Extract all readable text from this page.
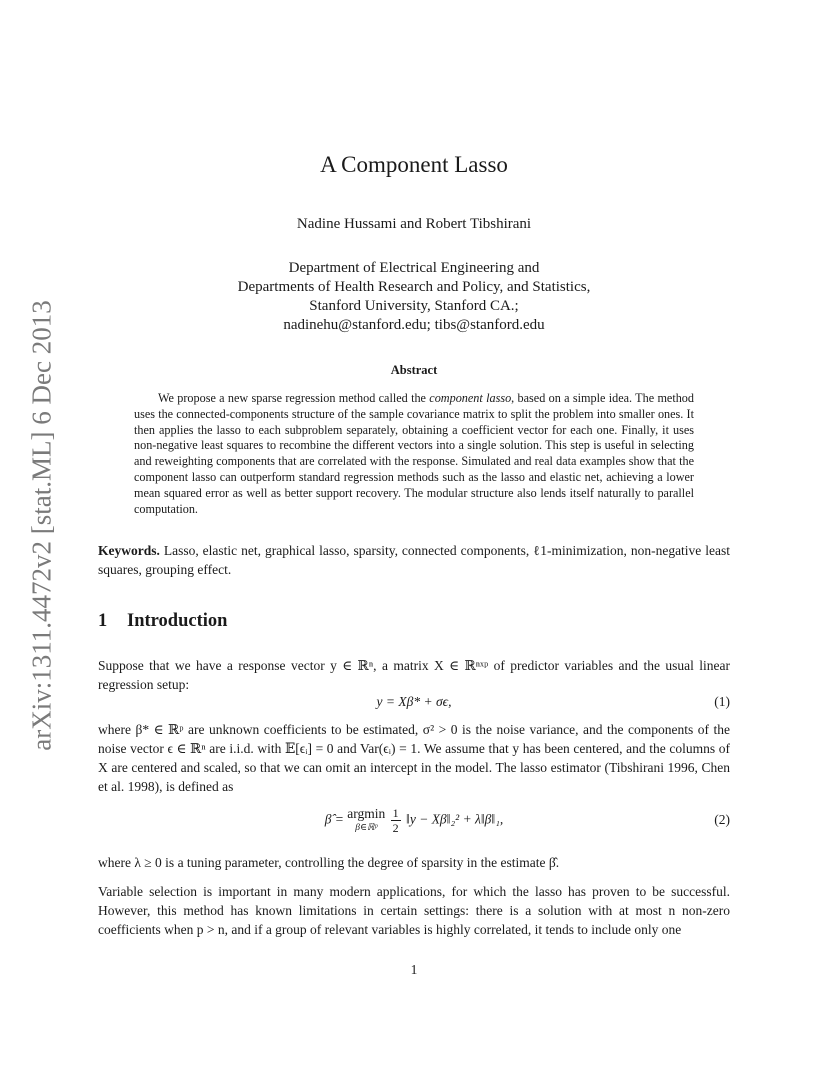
arXiv:1311.4472v2 [stat.ML] 6 Dec 2013
A Component Lasso
Nadine Hussami and Robert Tibshirani
Department of Electrical Engineering and
Departments of Health Research and Policy, and Statistics,
Stanford University, Stanford CA.;
nadinehu@stanford.edu; tibs@stanford.edu
Abstract
We propose a new sparse regression method called the component lasso, based on a simple idea. The method uses the connected-components structure of the sample covariance matrix to split the problem into smaller ones. It then applies the lasso to each subproblem separately, obtaining a coefficient vector for each one. Finally, it uses non-negative least squares to recombine the different vectors into a single solution. This step is useful in selecting and reweighting components that are correlated with the response. Simulated and real data examples show that the component lasso can outperform standard regression methods such as the lasso and elastic net, achieving a lower mean squared error as well as better support recovery. The modular structure also lends itself naturally to parallel computation.
Keywords. Lasso, elastic net, graphical lasso, sparsity, connected components, ℓ1-minimization, non-negative least squares, grouping effect.
1 Introduction
Suppose that we have a response vector y ∈ ℝⁿ, a matrix X ∈ ℝⁿˣᵖ of predictor variables and the usual linear regression setup:
y = Xβ* + σϵ,	(1)
where β* ∈ ℝᵖ are unknown coefficients to be estimated, σ² > 0 is the noise variance, and the components of the noise vector ϵ ∈ ℝⁿ are i.i.d. with 𝔼[ϵᵢ] = 0 and Var(ϵᵢ) = 1. We assume that y has been centered, and the columns of X are centered and scaled, so that we can omit an intercept in the model. The lasso estimator (Tibshirani 1996, Chen et al. 1998), is defined as
β̂ = argmin
β∈ℝᵖ
	$\frac{1}{2}$ ‖y − Xβ‖₂² + λ‖β‖₁,	(2)
where λ ≥ 0 is a tuning parameter, controlling the degree of sparsity in the estimate β̂.
Variable selection is important in many modern applications, for which the lasso has proven to be successful. However, this method has known limitations in certain settings: there is a solution with at most n non-zero coefficients when p > n, and if a group of relevant variables is highly correlated, it tends to include only one
1
